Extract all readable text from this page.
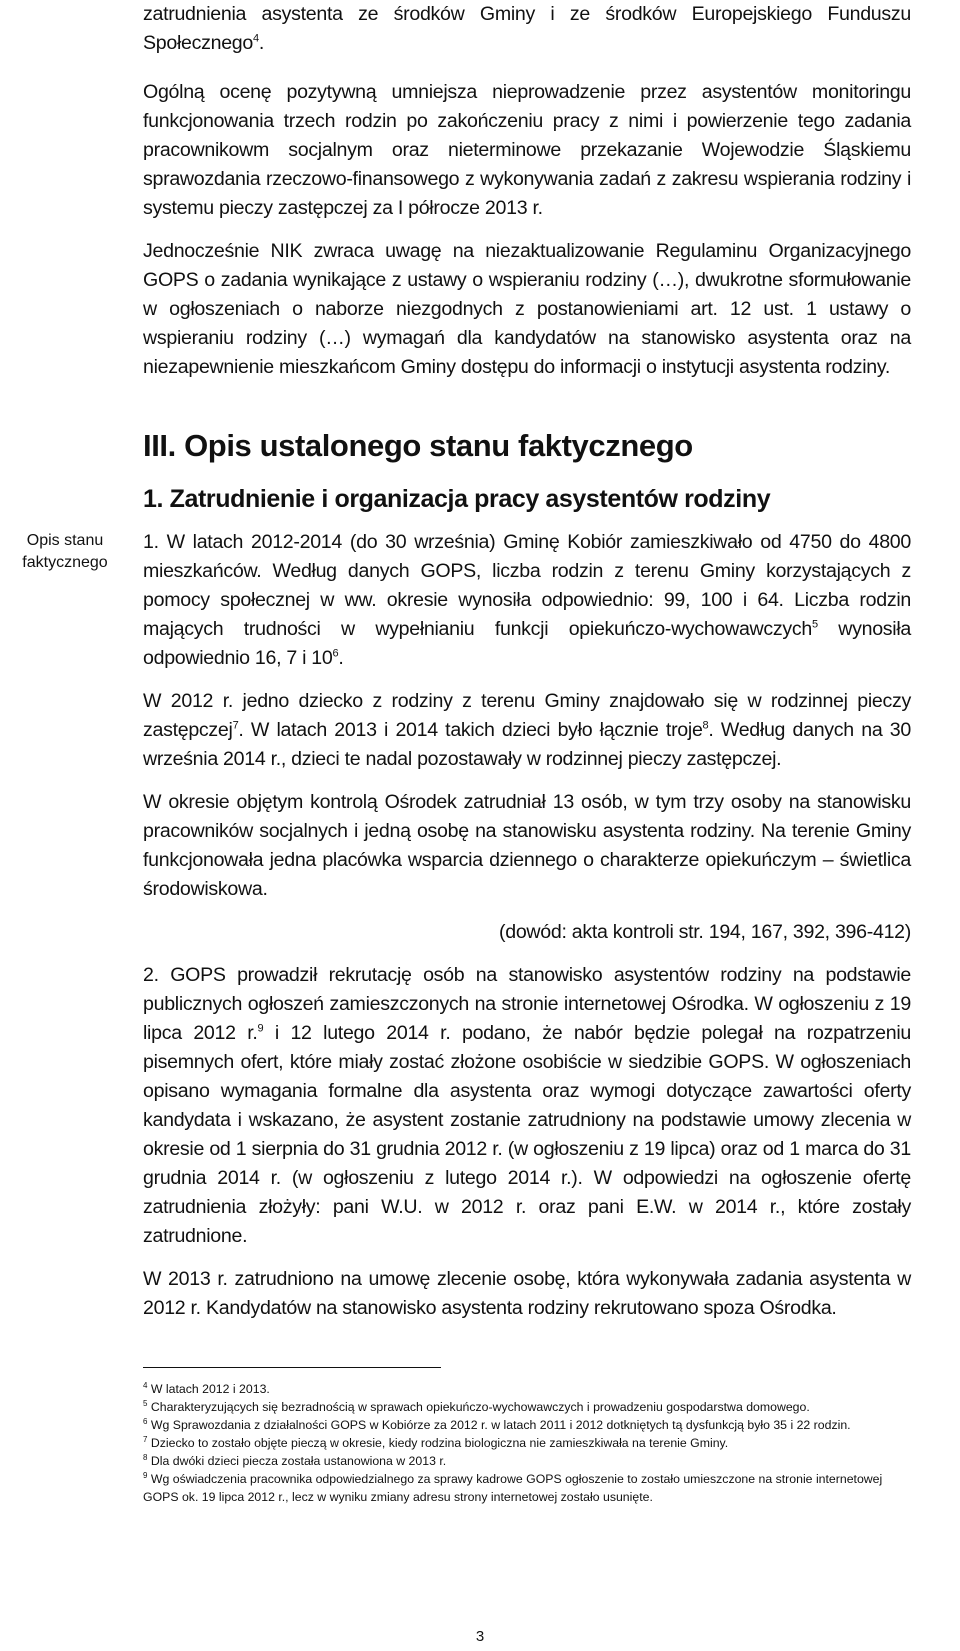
zatrudnienia asystenta ze środków Gminy i ze środków Europejskiego Funduszu Społecznego$^4$.

Ogólną ocenę pozytywną umniejsza nieprowadzenie przez asystentów monitoringu funkcjonowania trzech rodzin po zakończeniu pracy z nimi i powierzenie tego zadania pracownikowm socjalnym oraz nieterminowe przekazanie Wojewodzie Śląskiemu sprawozdania rzeczowo-finansowego z wykonywania zadań z zakresu wspierania rodziny i systemu pieczy zastępczej za I półrocze 2013 r.

Jednocześnie NIK zwraca uwagę na niezaktualizowanie Regulaminu Organizacyjnego GOPS o zadania wynikające z ustawy o wspieraniu rodziny (…), dwukrotne sformułowanie w ogłoszeniach o naborze niezgodnych z postanowieniami art. 12 ust. 1 ustawy o wspieraniu rodziny (…) wymagań dla kandydatów na stanowisko asystenta oraz na niezapewnienie mieszkańcom Gminy dostępu do informacji o instytucji asystenta rodziny.

III. Opis ustalonego stanu faktycznego
1. Zatrudnienie i organizacja pracy asystentów rodziny

1. W latach 2012-2014 (do 30 września) Gminę Kobiór zamieszkiwało od 4750 do 4800 mieszkańców. Według danych GOPS, liczba rodzin z terenu Gminy korzystających z pomocy społecznej w ww. okresie wynosiła odpowiednio: 99, 100 i 64. Liczba rodzin mających trudności w wypełnianiu funkcji opiekuńczo-wychowawczych$^5$ wynosiła odpowiednio 16, 7 i $10^6$.

W 2012 r. jedno dziecko z rodziny z terenu Gminy znajdowało się w rodzinnej pieczy zastępczej$^7$. W latach 2013 i 2014 takich dzieci było łącznie troje$^8$. Według danych na 30 września 2014 r., dzieci te nadal pozostawały w rodzinnej pieczy zastępczej.

W okresie objętym kontrolą Ośrodek zatrudniał 13 osób, w tym trzy osoby na stanowisku pracowników socjalnych i jedną osobę na stanowisku asystenta rodziny. Na terenie Gminy funkcjonowała jedna placówka wsparcia dziennego o charakterze opiekuńczym – świetlica środowiskowa.

(dowód: akta kontroli str. 194, 167, 392, 396-412)

2. GOPS prowadził rekrutację osób na stanowisko asystentów rodziny na podstawie publicznych ogłoszeń zamieszczonych na stronie internetowej Ośrodka. W ogłoszeniu z 19 lipca 2012 r.$^9$ i 12 lutego 2014 r. podano, że nabór będzie polegał na rozpatrzeniu pisemnych ofert, które miały zostać złożone osobiście w siedzibie GOPS. W ogłoszeniach opisano wymagania formalne dla asystenta oraz wymogi dotyczące zawartości oferty kandydata i wskazano, że asystent zostanie zatrudniony na podstawie umowy zlecenia w okresie od 1 sierpnia do 31 grudnia 2012 r. (w ogłoszeniu z 19 lipca) oraz od 1 marca do 31 grudnia 2014 r. (w ogłoszeniu z lutego 2014 r.). W odpowiedzi na ogłoszenie ofertę zatrudnienia złożyły: pani W.U. w 2012 r. oraz pani E.W. w 2014 r., które zostały zatrudnione.

W 2013 r. zatrudniono na umowę zlecenie osobę, która wykonywała zadania asystenta w 2012 r. Kandydatów na stanowisko asystenta rodziny rekrutowano spoza Ośrodka.

Opis stanu
faktycznego

$^4$ W latach 2012 i 2013.

$^5$ Charakteryzujących się bezradnością w sprawach opiekuńczo-wychowawczych i prowadzeniu gospodarstwa domowego.

$^6$ Wg Sprawozdania z działalności GOPS w Kobiórze za 2012 r. w latach 2011 i 2012 dotkniętych tą dysfunkcją było 35 i 22 rodzin.

$^7$ Dziecko to zostało objęte pieczą w okresie, kiedy rodzina biologiczna nie zamieszkiwała na terenie Gminy.

$^8$ Dla dwóki dzieci piecza została ustanowiona w 2013 r.

$^9$ Wg oświadczenia pracownika odpowiedzialnego za sprawy kadrowe GOPS ogłoszenie to zostało umieszczone na stronie internetowej GOPS ok. 19 lipca 2012 r., lecz w wyniku zmiany adresu strony internetowej zostało usunięte.

3
